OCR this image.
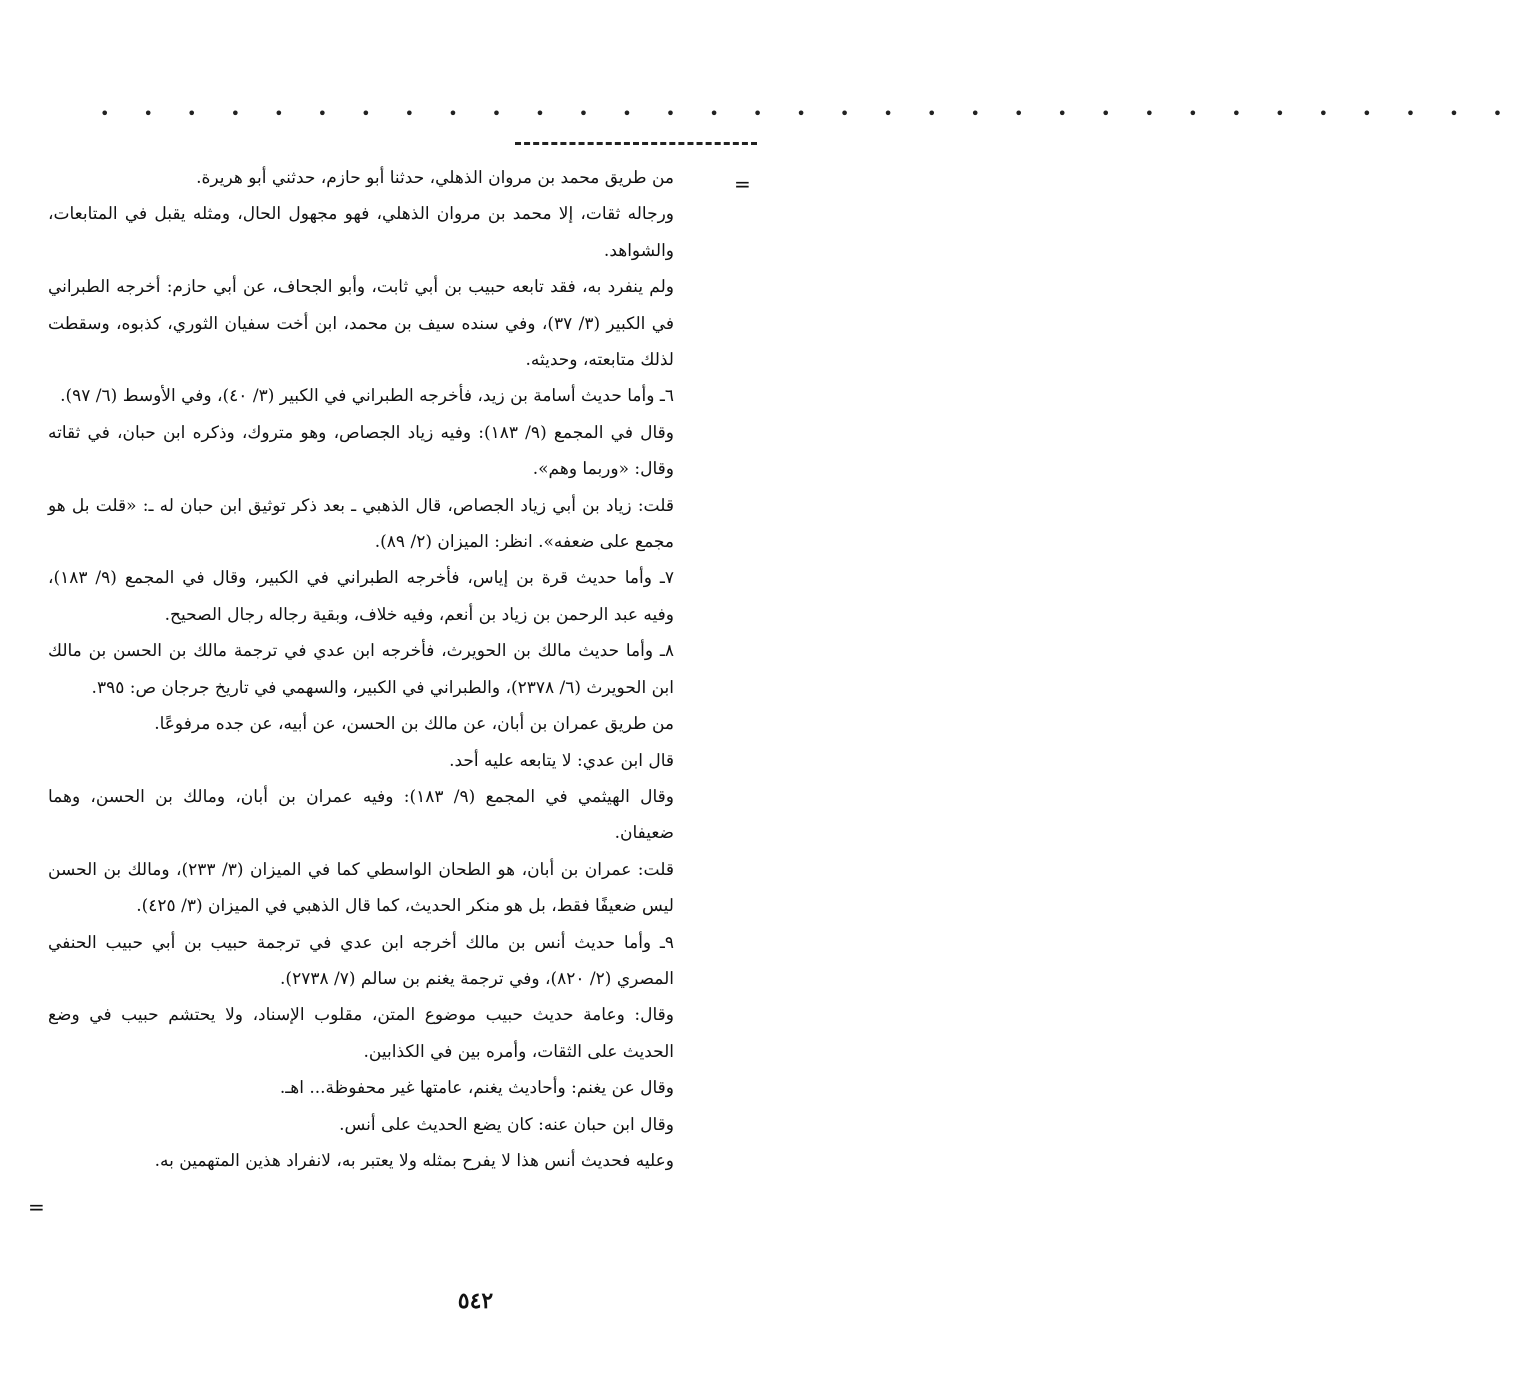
• • • • • • • • • • • • • • • • • • • • • • • • • • • • • • • • •
=

من طريق محمد بن مروان الذهلي، حدثنا أبو حازم، حدثني أبو هريرة.

ورجاله ثقات، إلا محمد بن مروان الذهلي، فهو مجهول الحال، ومثله يقبل في المتابعات، والشواهد.

ولم ينفرد به، فقد تابعه حبيب بن أبي ثابت، وأبو الجحاف، عن أبي حازم: أخرجه الطبراني في الكبير (٣/ ٣٧)، وفي سنده سيف بن محمد، ابن أخت سفيان الثوري، كذبوه، وسقطت لذلك متابعته، وحديثه.

٦ـ وأما حديث أسامة بن زيد، فأخرجه الطبراني في الكبير (٣/ ٤٠)، وفي الأوسط (٦/ ٩٧).

وقال في المجمع (٩/ ١٨٣): وفيه زياد الجصاص، وهو متروك، وذكره ابن حبان، في ثقاته وقال: «وربما وهم».

قلت: زياد بن أبي زياد الجصاص، قال الذهبي ـ بعد ذكر توثيق ابن حبان له ـ: «قلت بل هو مجمع على ضعفه». انظر: الميزان (٢/ ٨٩).

٧ـ وأما حديث قرة بن إياس، فأخرجه الطبراني في الكبير، وقال في المجمع (٩/ ١٨٣)، وفيه عبد الرحمن بن زياد بن أنعم، وفيه خلاف، وبقية رجاله رجال الصحيح.

٨ـ وأما حديث مالك بن الحويرث، فأخرجه ابن عدي في ترجمة مالك بن الحسن بن مالك ابن الحويرث (٦/ ٢٣٧٨)، والطبراني في الكبير، والسهمي في تاريخ جرجان ص: ٣٩٥.

من طريق عمران بن أبان، عن مالك بن الحسن، عن أبيه، عن جده مرفوعًا.

قال ابن عدي: لا يتابعه عليه أحد.

وقال الهيثمي في المجمع (٩/ ١٨٣): وفيه عمران بن أبان، ومالك بن الحسن، وهما ضعيفان.

قلت: عمران بن أبان، هو الطحان الواسطي كما في الميزان (٣/ ٢٣٣)، ومالك بن الحسن ليس ضعيفًا فقط، بل هو منكر الحديث، كما قال الذهبي في الميزان (٣/ ٤٢٥).

٩ـ وأما حديث أنس بن مالك أخرجه ابن عدي في ترجمة حبيب بن أبي حبيب الحنفي المصري (٢/ ٨٢٠)، وفي ترجمة يغنم بن سالم (٧/ ٢٧٣٨).

وقال: وعامة حديث حبيب موضوع المتن، مقلوب الإسناد، ولا يحتشم حبيب في وضع الحديث على الثقات، وأمره بين في الكذابين.

وقال عن يغنم: وأحاديث يغنم، عامتها غير محفوظة... اهـ.

وقال ابن حبان عنه: كان يضع الحديث على أنس.

وعليه فحديث أنس هذا لا يفرح بمثله ولا يعتبر به، لانفراد هذين المتهمين به.

=
٥٤٢
